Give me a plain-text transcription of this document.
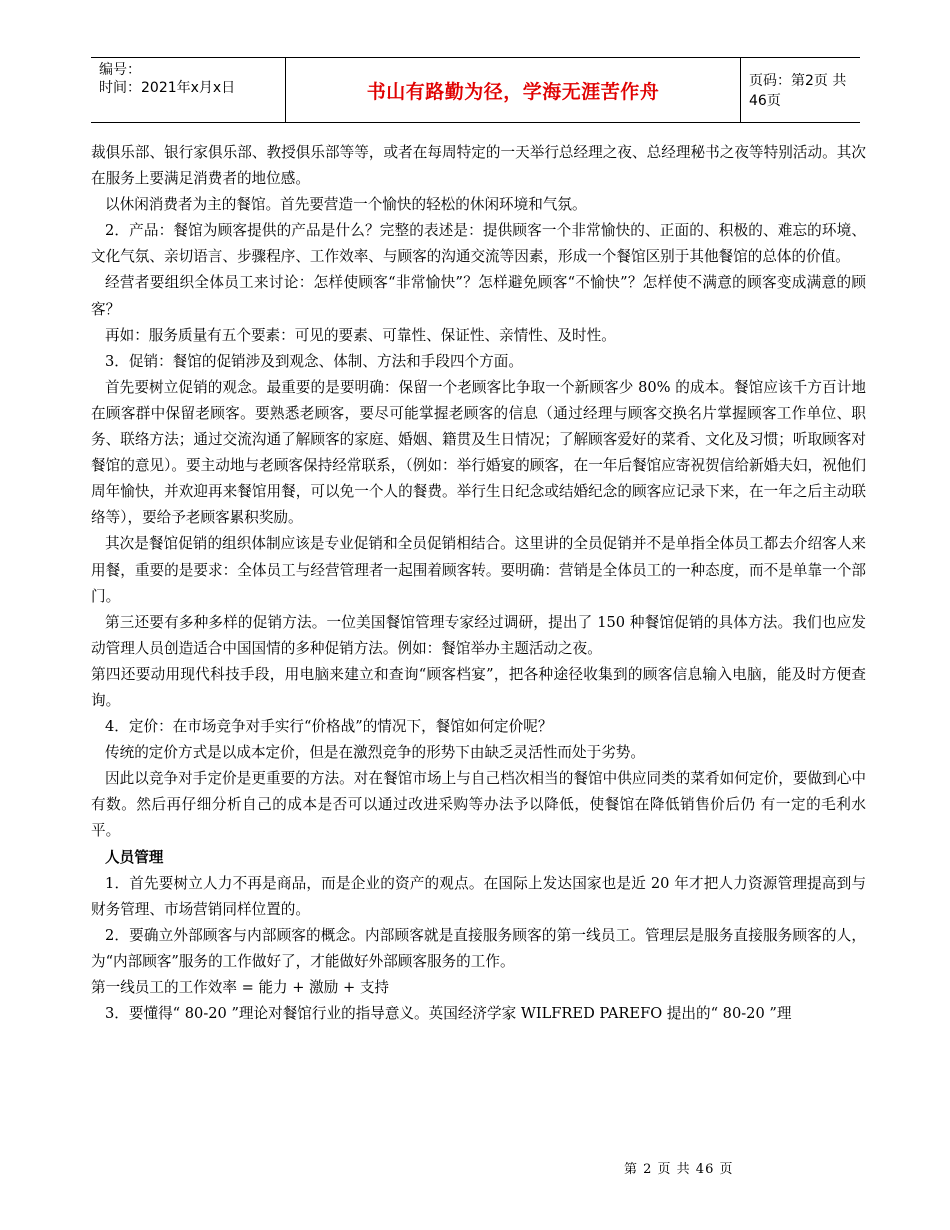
编号：
时间：2021年x月x日	书山有路勤为径，学海无涯苦作舟	页码：第2页 共46页

裁俱乐部、银行家俱乐部、教授俱乐部等等，或者在每周特定的一天举行总经理之夜、总经理秘书之夜等特别活动。其次在服务上要满足消费者的地位感。

以休闲消费者为主的餐馆。首先要营造一个愉快的轻松的休闲环境和气氛。

2．产品：餐馆为顾客提供的产品是什么？完整的表述是：提供顾客一个非常愉快的、正面的、积极的、难忘的环境、文化气氛、亲切语言、步骤程序、工作效率、与顾客的沟通交流等因素，形成一个餐馆区别于其他餐馆的总体的价值。

经营者要组织全体员工来讨论：怎样使顾客“非常愉快”？怎样避免顾客“不愉快”？怎样使不满意的顾客变成满意的顾客？

再如：服务质量有五个要素：可见的要素、可靠性、保证性、亲情性、及时性。

3．促销：餐馆的促销涉及到观念、体制、方法和手段四个方面。

首先要树立促销的观念。最重要的是要明确：保留一个老顾客比争取一个新顾客少 80% 的成本。餐馆应该千方百计地在顾客群中保留老顾客。要熟悉老顾客，要尽可能掌握老顾客的信息（通过经理与顾客交换名片掌握顾客工作单位、职务、联络方法；通过交流沟通了解顾客的家庭、婚姻、籍贯及生日情况；了解顾客爱好的菜肴、文化及习惯；听取顾客对餐馆的意见）。要主动地与老顾客保持经常联系，（例如：举行婚宴的顾客，在一年后餐馆应寄祝贺信给新婚夫妇，祝他们周年愉快，并欢迎再来餐馆用餐，可以免一个人的餐费。举行生日纪念或结婚纪念的顾客应记录下来，在一年之后主动联络等），要给予老顾客累积奖励。

其次是餐馆促销的组织体制应该是专业促销和全员促销相结合。这里讲的全员促销并不是单指全体员工都去介绍客人来用餐，重要的是要求：全体员工与经营管理者一起围着顾客转。要明确：营销是全体员工的一种态度，而不是单靠一个部门。

第三还要有多种多样的促销方法。一位美国餐馆管理专家经过调研，提出了 150 种餐馆促销的具体方法。我们也应发动管理人员创造适合中国国情的多种促销方法。例如：餐馆举办主题活动之夜。

第四还要动用现代科技手段，用电脑来建立和查询“顾客档宴”，把各种途径收集到的顾客信息输入电脑，能及时方便查询。

4．定价：在市场竞争对手实行“价格战”的情况下，餐馆如何定价呢？

传统的定价方式是以成本定价，但是在激烈竞争的形势下由缺乏灵活性而处于劣势。

因此以竞争对手定价是更重要的方法。对在餐馆市场上与自己档次相当的餐馆中供应同类的菜肴如何定价，要做到心中有数。然后再仔细分析自己的成本是否可以通过改进采购等办法予以降低，使餐馆在降低销售价后仍 有一定的毛利水平。

人员管理

1．首先要树立人力不再是商品，而是企业的资产的观点。在国际上发达国家也是近 20 年才把人力资源管理提高到与财务管理、市场营销同样位置的。

2．要确立外部顾客与内部顾客的概念。内部顾客就是直接服务顾客的第一线员工。管理层是服务直接服务顾客的人，为“内部顾客”服务的工作做好了，才能做好外部顾客服务的工作。

第一线员工的工作效率 = 能力 + 激励 + 支持

3．要懂得“ 80-20 ”理论对餐馆行业的指导意义。英国经济学家 WILFRED PAREFO 提出的“ 80-20 ”理

第 2 页 共 46 页
